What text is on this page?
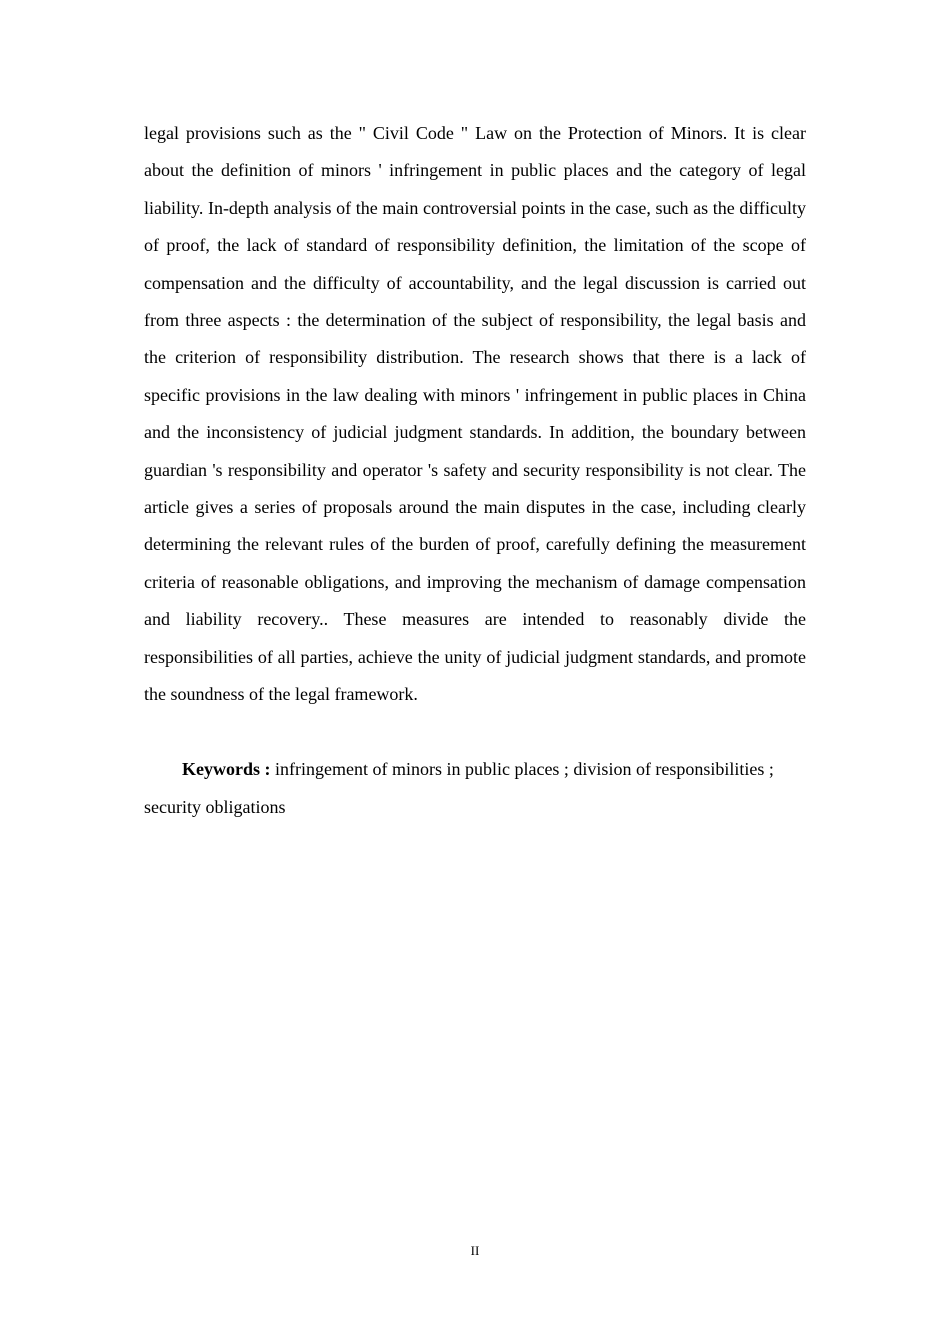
legal provisions such as the " Civil Code " Law on the Protection of Minors. It is clear about the definition of minors ' infringement in public places and the category of legal liability. In-depth analysis of the main controversial points in the case, such as the difficulty of proof, the lack of standard of responsibility definition, the limitation of the scope of compensation and the difficulty of accountability, and the legal discussion is carried out from three aspects : the determination of the subject of responsibility, the legal basis and the criterion of responsibility distribution. The research shows that there is a lack of specific provisions in the law dealing with minors ' infringement in public places in China and the inconsistency of judicial judgment standards. In addition, the boundary between guardian 's responsibility and operator 's safety and security responsibility is not clear. The article gives a series of proposals around the main disputes in the case, including clearly determining the relevant rules of the burden of proof, carefully defining the measurement criteria of reasonable obligations, and improving the mechanism of damage compensation and liability recovery.. These measures are intended to reasonably divide the responsibilities of all parties, achieve the unity of judicial judgment standards, and promote the soundness of the legal framework.

Keywords : infringement of minors in public places ; division of responsibilities ; security obligations

II
